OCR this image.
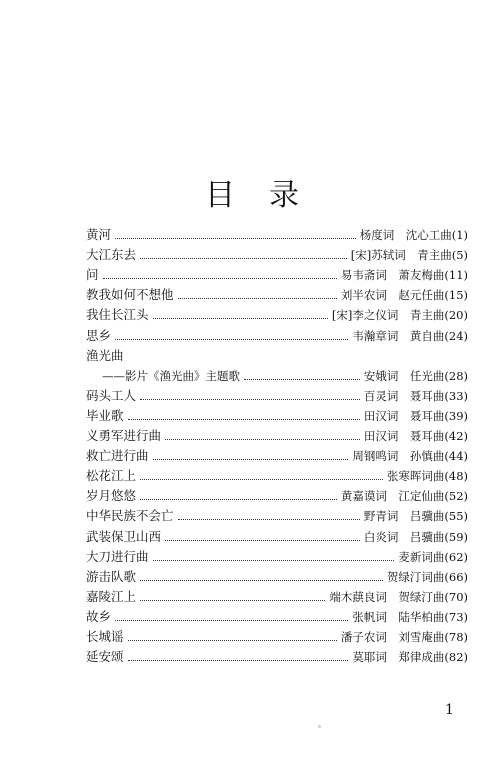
目录
黄河	杨度词　沈心工曲(1)
大江东去	[宋]苏轼词　青主曲(5)
问	易韦斋词　萧友梅曲(11)
教我如何不想他	刘半农词　赵元任曲(15)
我住长江头	[宋]李之仪词　青主曲(20)
思乡	韦瀚章词　黄自曲(24)
渔光曲
——影片《渔光曲》主题歌	安娥词　任光曲(28)
码头工人	百灵词　聂耳曲(33)
毕业歌	田汉词　聂耳曲(39)
义勇军进行曲	田汉词　聂耳曲(42)
救亡进行曲	周钢鸣词　孙慎曲(44)
松花江上	张寒晖词曲(48)
岁月悠悠	黄嘉谟词　江定仙曲(52)
中华民族不会亡	野青词　吕骥曲(55)
武装保卫山西	白炎词　吕骥曲(59)
大刀进行曲	麦新词曲(62)
游击队歌	贺绿汀词曲(66)
嘉陵江上	端木蕻良词　贺绿汀曲(70)
故乡	张帆词　陆华柏曲(73)
长城谣	潘子农词　刘雪庵曲(78)
延安颂	莫耶词　郑律成曲(82)
1
